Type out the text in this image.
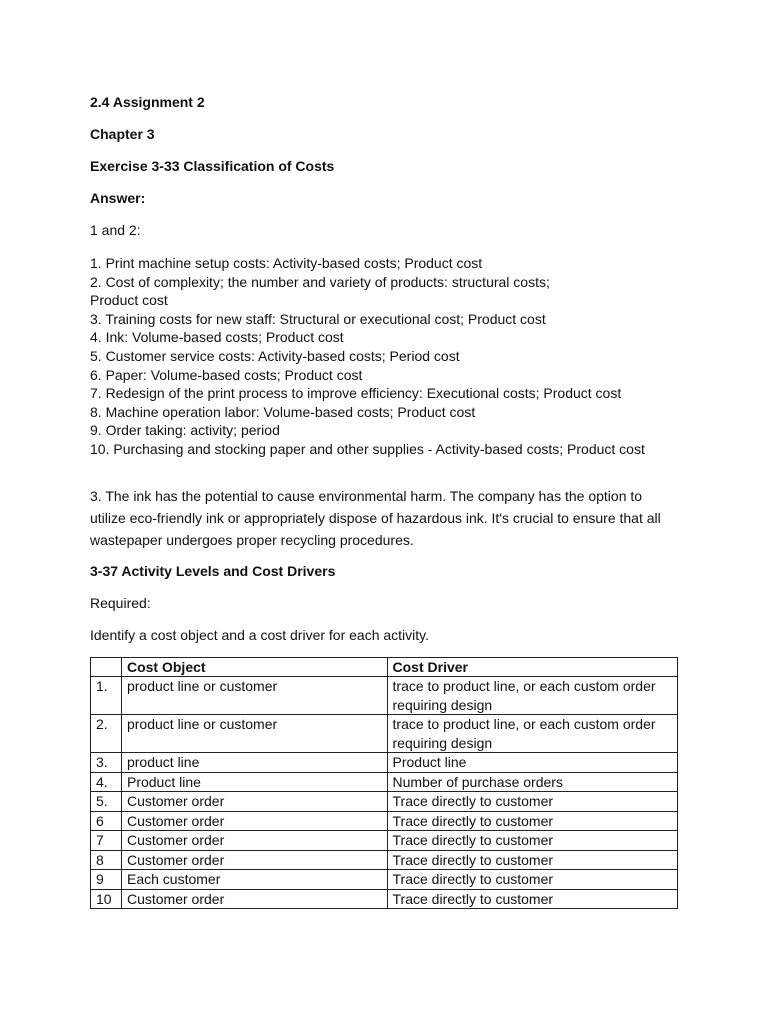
2.4 Assignment 2
Chapter 3
Exercise 3-33 Classification of Costs
Answer:
1 and 2:
1. Print machine setup costs: Activity-based costs; Product cost
2. Cost of complexity; the number and variety of products: structural costs;
Product cost
3. Training costs for new staff: Structural or executional cost; Product cost
4. Ink: Volume-based costs; Product cost
5. Customer service costs: Activity-based costs; Period cost
6. Paper: Volume-based costs; Product cost
7. Redesign of the print process to improve efficiency: Executional costs; Product cost
8. Machine operation labor: Volume-based costs; Product cost
9. Order taking: activity; period
10. Purchasing and stocking paper and other supplies - Activity-based costs; Product cost
3. The ink has the potential to cause environmental harm. The company has the option to utilize eco-friendly ink or appropriately dispose of hazardous ink. It's crucial to ensure that all wastepaper undergoes proper recycling procedures.
3-37 Activity Levels and Cost Drivers
Required:
Identify a cost object and a cost driver for each activity.
	Cost Object	Cost Driver
1.	product line or customer	trace to product line, or each custom order requiring design
2.	product line or customer	trace to product line, or each custom order requiring design
3.	product line	Product line
4.	Product line	Number of purchase orders
5.	Customer order	Trace directly to customer
6	Customer order	Trace directly to customer
7	Customer order	Trace directly to customer
8	Customer order	Trace directly to customer
9	Each customer	Trace directly to customer
10	Customer order	Trace directly to customer
